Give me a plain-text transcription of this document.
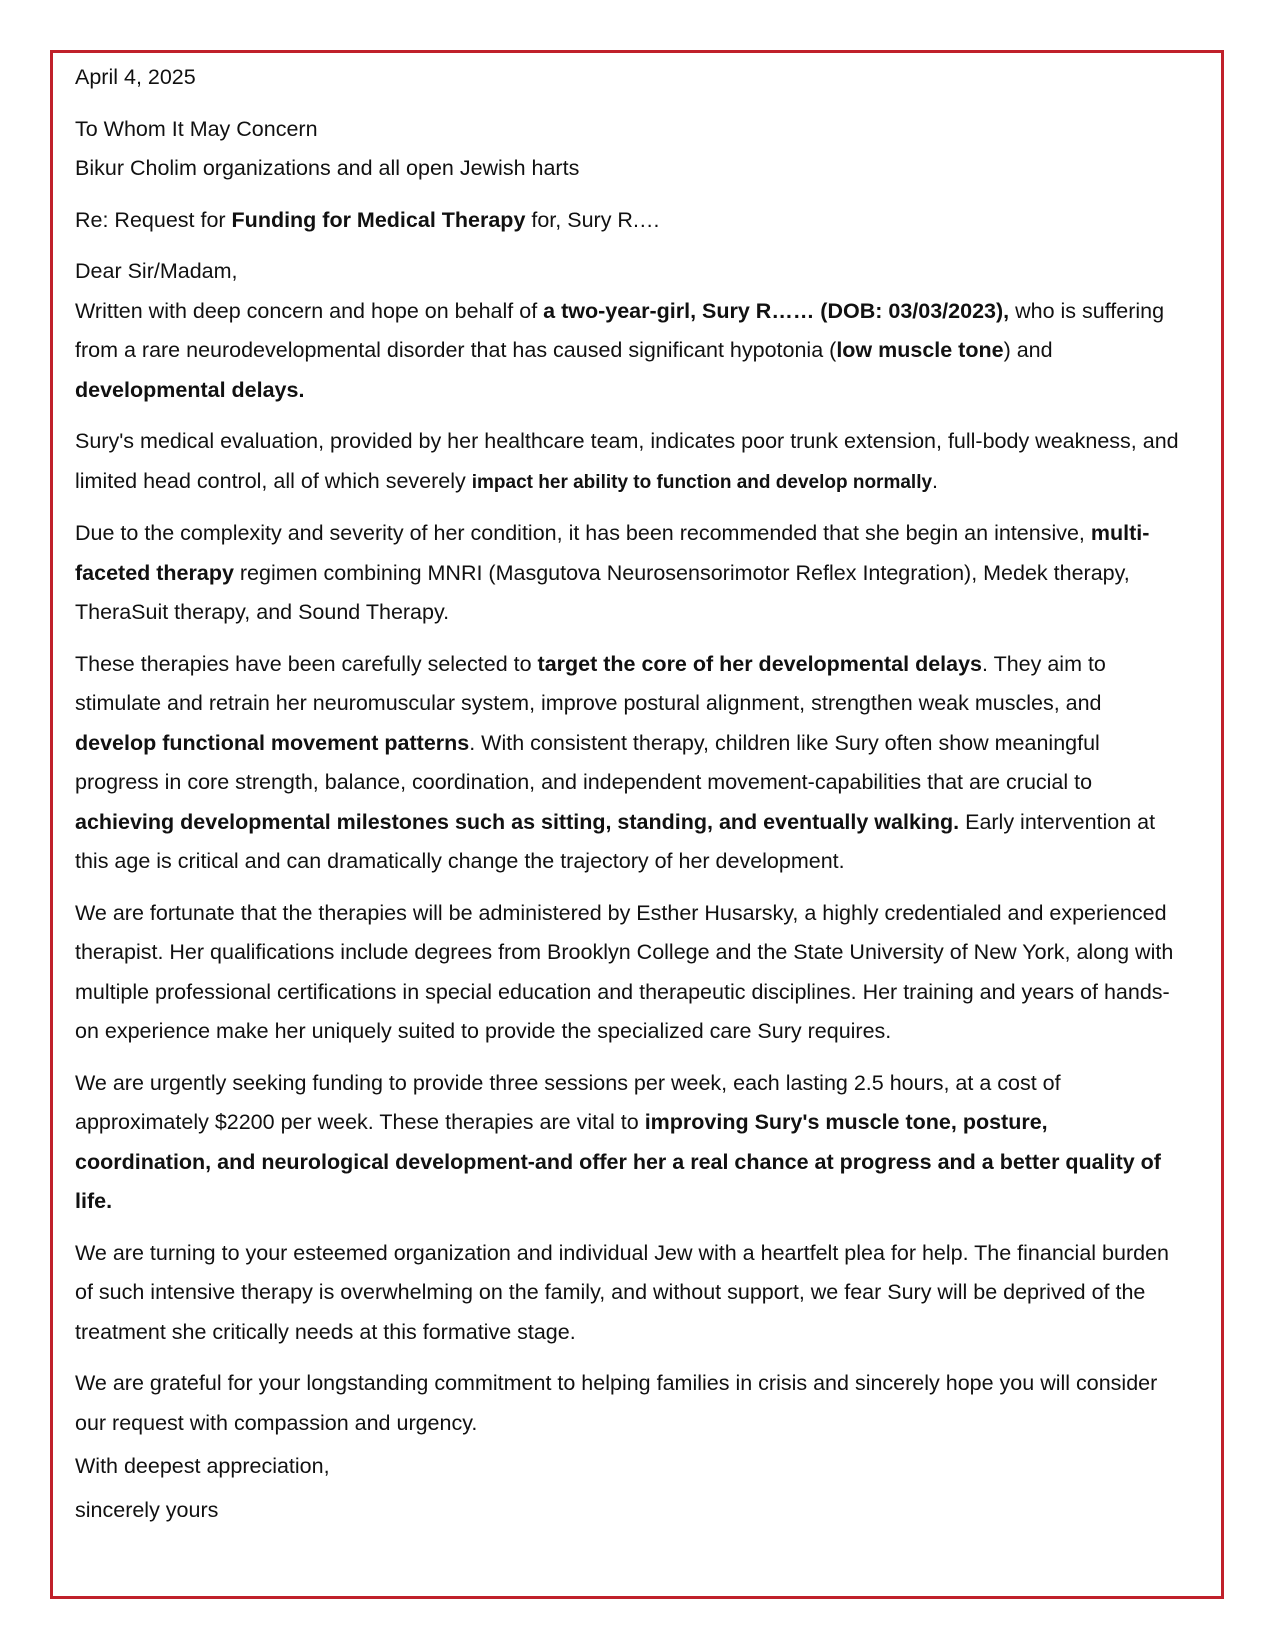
April 4, 2025

To Whom It May Concern

Bikur Cholim organizations and all open Jewish harts

Re: Request for Funding for Medical Therapy for, Sury R.…

Dear Sir/Madam,

Written with deep concern and hope on behalf of a two-year-girl, Sury R…… (DOB: 03/03/2023), who is suffering from a rare neurodevelopmental disorder that has caused significant hypotonia (low muscle tone) and developmental delays.

Sury's medical evaluation, provided by her healthcare team, indicates poor trunk extension, full-body weakness, and limited head control, all of which severely impact her ability to function and develop normally.

Due to the complexity and severity of her condition, it has been recommended that she begin an intensive, multi-faceted therapy regimen combining MNRI (Masgutova Neurosensorimotor Reflex Integration), Medek therapy, TheraSuit therapy, and Sound Therapy.

These therapies have been carefully selected to target the core of her developmental delays. They aim to stimulate and retrain her neuromuscular system, improve postural alignment, strengthen weak muscles, and develop functional movement patterns. With consistent therapy, children like Sury often show meaningful progress in core strength, balance, coordination, and independent movement-capabilities that are crucial to achieving developmental milestones such as sitting, standing, and eventually walking. Early intervention at this age is critical and can dramatically change the trajectory of her development.

We are fortunate that the therapies will be administered by Esther Husarsky, a highly credentialed and experienced therapist. Her qualifications include degrees from Brooklyn College and the State University of New York, along with multiple professional certifications in special education and therapeutic disciplines. Her training and years of hands-on experience make her uniquely suited to provide the specialized care Sury requires.

We are urgently seeking funding to provide three sessions per week, each lasting 2.5 hours, at a cost of approximately $2200 per week. These therapies are vital to improving Sury's muscle tone, posture, coordination, and neurological development-and offer her a real chance at progress and a better quality of life.

We are turning to your esteemed organization and individual Jew with a heartfelt plea for help. The financial burden of such intensive therapy is overwhelming on the family, and without support, we fear Sury will be deprived of the treatment she critically needs at this formative stage.

We are grateful for your longstanding commitment to helping families in crisis and sincerely hope you will consider our request with compassion and urgency.

With deepest appreciation,

sincerely yours
